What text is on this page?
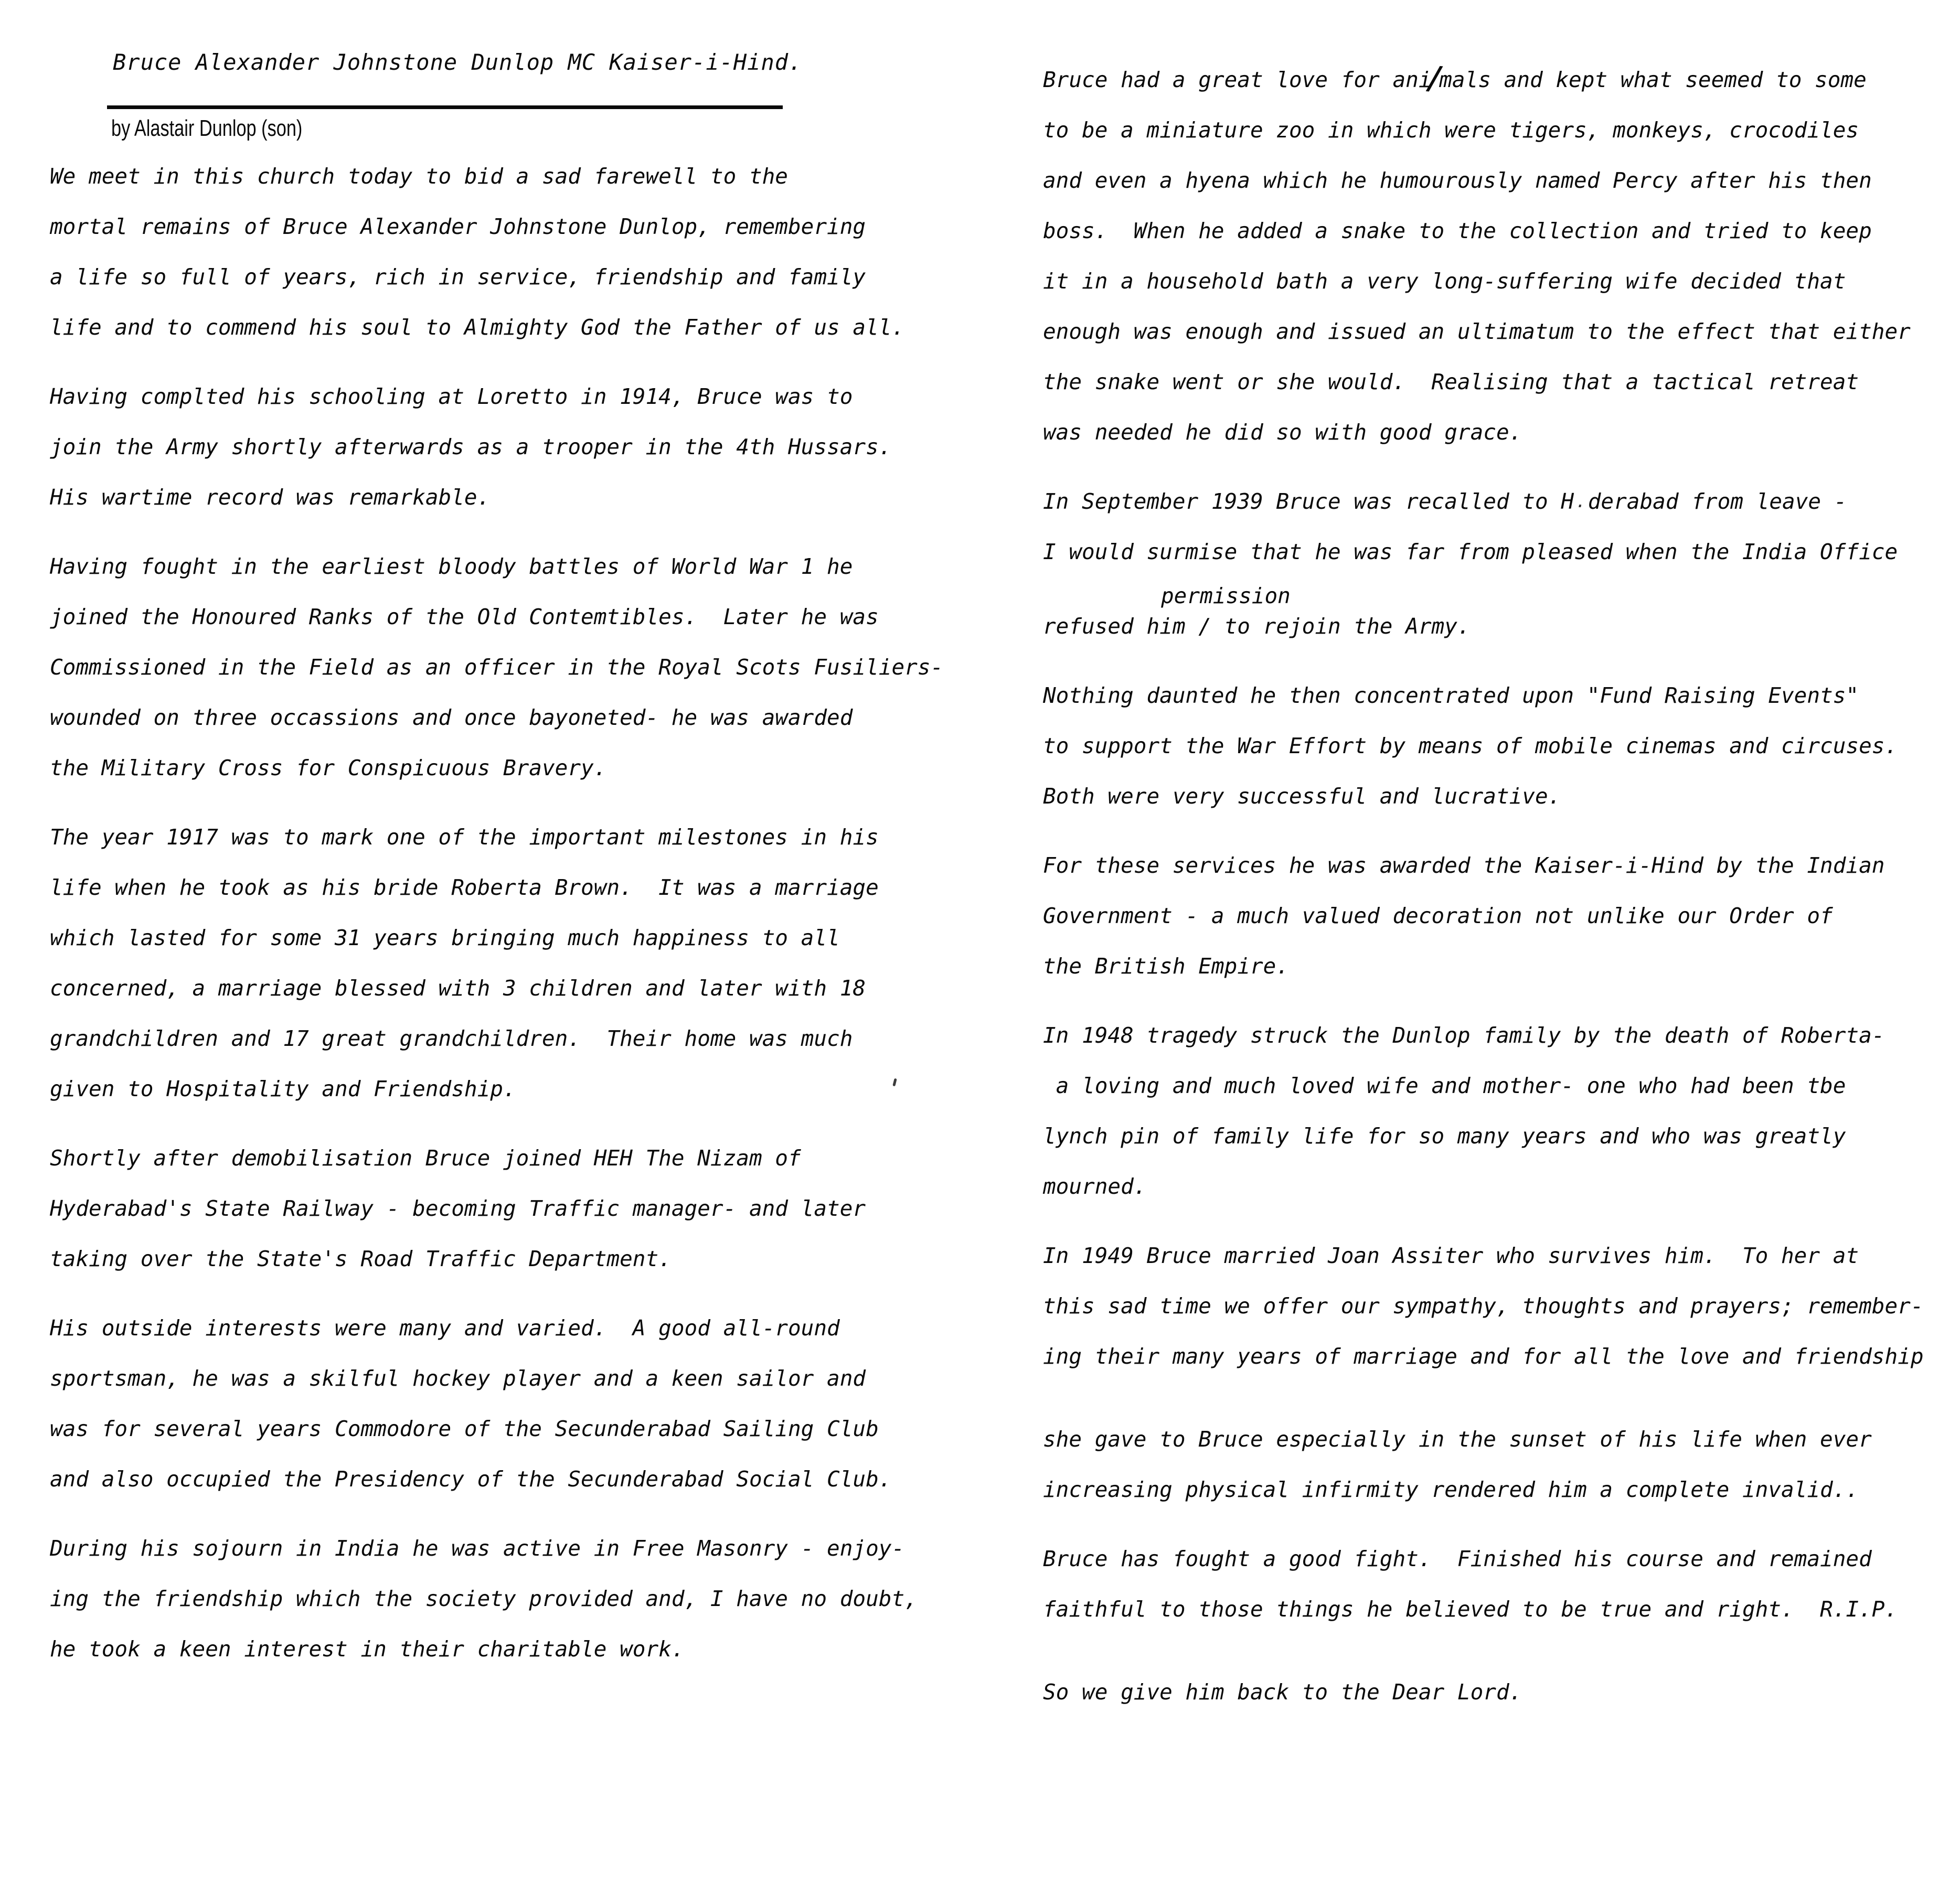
Bruce Alexander Johnstone Dunlop MC Kaiser-i-Hind.
by Alastair Dunlop (son)
We meet in this church today to bid a sad farewell to the
mortal remains of Bruce Alexander Johnstone Dunlop, remembering
a life so full of years, rich in service, friendship and family
life and to commend his soul to Almighty God the Father of us all.
Having complted his schooling at Loretto in 1914, Bruce was to
join the Army shortly afterwards as a trooper in the 4th Hussars.
His wartime record was remarkable.
Having fought in the earliest bloody battles of World War 1 he
joined the Honoured Ranks of the Old Contemtibles.  Later he was
Commissioned in the Field as an officer in the Royal Scots Fusiliers-
wounded on three occassions and once bayoneted- he was awarded
the Military Cross for Conspicuous Bravery.
The year 1917 was to mark one of the important milestones in his
life when he took as his bride Roberta Brown.  It was a marriage
which lasted for some 31 years bringing much happiness to all
concerned, a marriage blessed with 3 children and later with 18
grandchildren and 17 great grandchildren.  Their home was much
given to Hospitality and Friendship.
Shortly after demobilisation Bruce joined HEH The Nizam of
Hyderabad's State Railway - becoming Traffic manager- and later
taking over the State's Road Traffic Department.
His outside interests were many and varied.  A good all-round
sportsman, he was a skilful hockey player and a keen sailor and
was for several years Commodore of the Secunderabad Sailing Club
and also occupied the Presidency of the Secunderabad Social Club.
During his sojourn in India he was active in Free Masonry - enjoy-
ing the friendship which the society provided and, I have no doubt,
he took a keen interest in their charitable work.
Bruce had a great love for ani/mals and kept what seemed to some
to be a miniature zoo in which were tigers, monkeys, crocodiles
and even a hyena which he humourously named Percy after his then
boss.  When he added a snake to the collection and tried to keep
it in a household bath a very long-suffering wife decided that
enough was enough and issued an ultimatum to the effect that either
the snake went or she would.  Realising that a tactical retreat
was needed he did so with good grace.
In September 1939 Bruce was recalled to H.derabad from leave -
I would surmise that he was far from pleased when the India Office
permission
refused him / to rejoin the Army.
Nothing daunted he then concentrated upon "Fund Raising Events"
to support the War Effort by means of mobile cinemas and circuses.
Both were very successful and lucrative.
For these services he was awarded the Kaiser-i-Hind by the Indian
Government - a much valued decoration not unlike our Order of
the British Empire.
In 1948 tragedy struck the Dunlop family by the death of Roberta-
a loving and much loved wife and mother- one who had been tbe
lynch pin of family life for so many years and who was greatly
mourned.
In 1949 Bruce married Joan Assiter who survives him.  To her at
this sad time we offer our sympathy, thoughts and prayers; remember-
ing their many years of marriage and for all the love and friendship
she gave to Bruce especially in the sunset of his life when ever
increasing physical infirmity rendered him a complete invalid..
Bruce has fought a good fight.  Finished his course and remained
faithful to those things he believed to be true and right.  R.I.P.
So we give him back to the Dear Lord.
